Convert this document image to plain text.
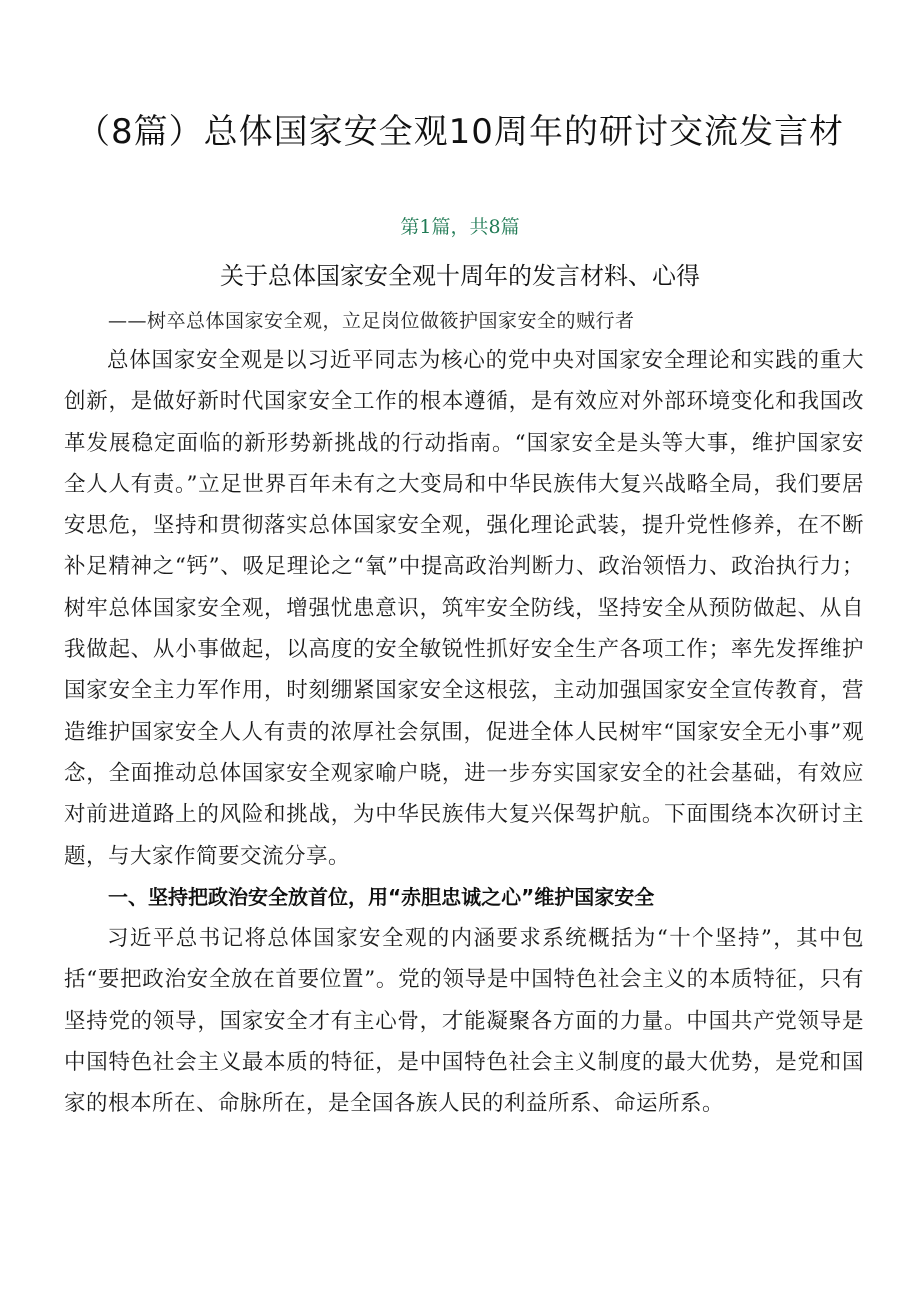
（8篇）总体国家安全观10周年的研讨交流发言材
第1篇，共8篇
关于总体国家安全观十周年的发言材料、心得
——树卒总体国家安全观，立足岗位做筱护国家安全的贼行者

总体国家安全观是以习近平同志为核心的党中央对国家安全理论和实践的重大创新，是做好新时代国家安全工作的根本遵循，是有效应对外部环境变化和我国改革发展稳定面临的新形势新挑战的行动指南。“国家安全是头等大事，维护国家安全人人有责。”立足世界百年未有之大变局和中华民族伟大复兴战略全局，我们要居安思危，坚持和贯彻落实总体国家安全观，强化理论武装，提升党性修养，在不断补足精神之“钙”、吸足理论之“氧”中提高政治判断力、政治领悟力、政治执行力；树牢总体国家安全观，增强忧患意识，筑牢安全防线，坚持安全从预防做起、从自我做起、从小事做起，以高度的安全敏锐性抓好安全生产各项工作；率先发挥维护国家安全主力军作用，时刻绷紧国家安全这根弦，主动加强国家安全宣传教育，营造维护国家安全人人有责的浓厚社会氛围，促进全体人民树牢“国家安全无小事”观念，全面推动总体国家安全观家喻户晓，进一步夯实国家安全的社会基础，有效应对前进道路上的风险和挑战，为中华民族伟大复兴保驾护航。下面围绕本次研讨主题，与大家作简要交流分享。

一、坚持把政治安全放首位，用“赤胆忠诚之心”维护国家安全

习近平总书记将总体国家安全观的内涵要求系统概括为“十个坚持”，其中包括“要把政治安全放在首要位置”。党的领导是中国特色社会主义的本质特征，只有坚持党的领导，国家安全才有主心骨，才能凝聚各方面的力量。中国共产党领导是中国特色社会主义最本质的特征，是中国特色社会主义制度的最大优势，是党和国家的根本所在、命脉所在，是全国各族人民的利益所系、命运所系。
